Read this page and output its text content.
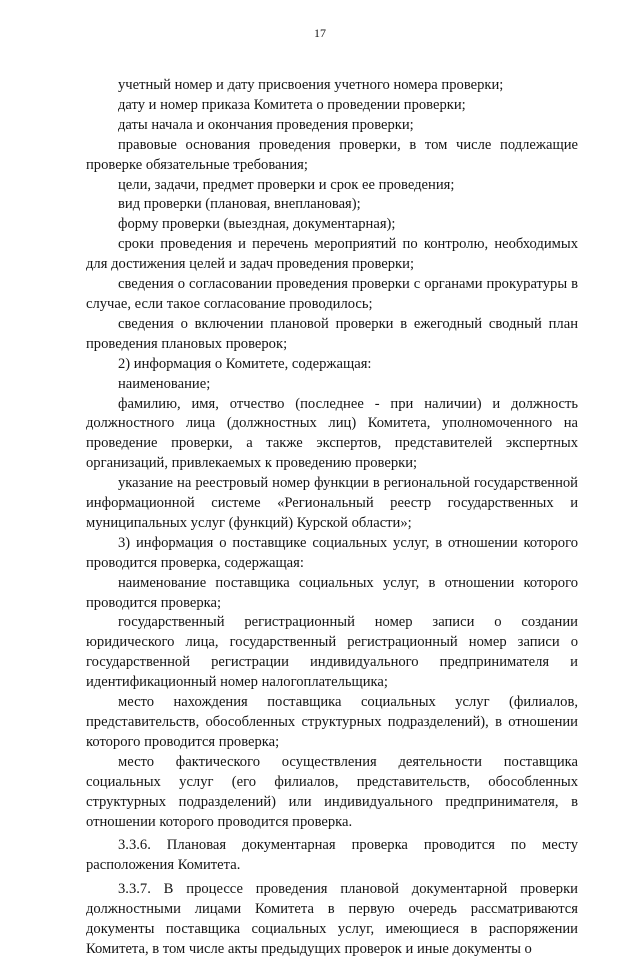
17

учетный номер и дату присвоения учетного номера проверки;

дату и номер приказа Комитета о проведении проверки;

даты начала и окончания проведения проверки;

правовые основания проведения проверки, в том числе подлежащие проверке обязательные требования;

цели, задачи, предмет проверки и срок ее проведения;

вид проверки (плановая, внеплановая);

форму проверки (выездная, документарная);

сроки проведения и перечень мероприятий по контролю, необходимых для достижения целей и задач проведения проверки;

сведения о согласовании проведения проверки с органами прокуратуры в случае, если такое согласование проводилось;

сведения о включении плановой проверки в ежегодный сводный план проведения плановых проверок;

2) информация о Комитете, содержащая:

наименование;

фамилию, имя, отчество (последнее - при наличии) и должность должностного лица (должностных лиц) Комитета, уполномоченного на проведение проверки, а также экспертов, представителей экспертных организаций, привлекаемых к проведению проверки;

указание на реестровый номер функции в региональной государственной информационной системе «Региональный реестр государственных и муниципальных услуг (функций) Курской области»;

3) информация о поставщике социальных услуг, в отношении которого проводится проверка, содержащая:

наименование поставщика социальных услуг, в отношении которого проводится проверка;

государственный регистрационный номер записи о создании юридического лица, государственный регистрационный номер записи о государственной регистрации индивидуального предпринимателя и идентификационный номер налогоплательщика;

место нахождения поставщика социальных услуг (филиалов, представительств, обособленных структурных подразделений), в отношении которого проводится проверка;

место фактического осуществления деятельности поставщика социальных услуг (его филиалов, представительств, обособленных структурных подразделений) или индивидуального предпринимателя, в отношении которого проводится проверка.

3.3.6. Плановая документарная проверка проводится по месту расположения Комитета.

3.3.7. В процессе проведения плановой документарной проверки должностными лицами Комитета в первую очередь рассматриваются документы поставщика социальных услуг, имеющиеся в распоряжении Комитета, в том числе акты предыдущих проверок и иные документы о
